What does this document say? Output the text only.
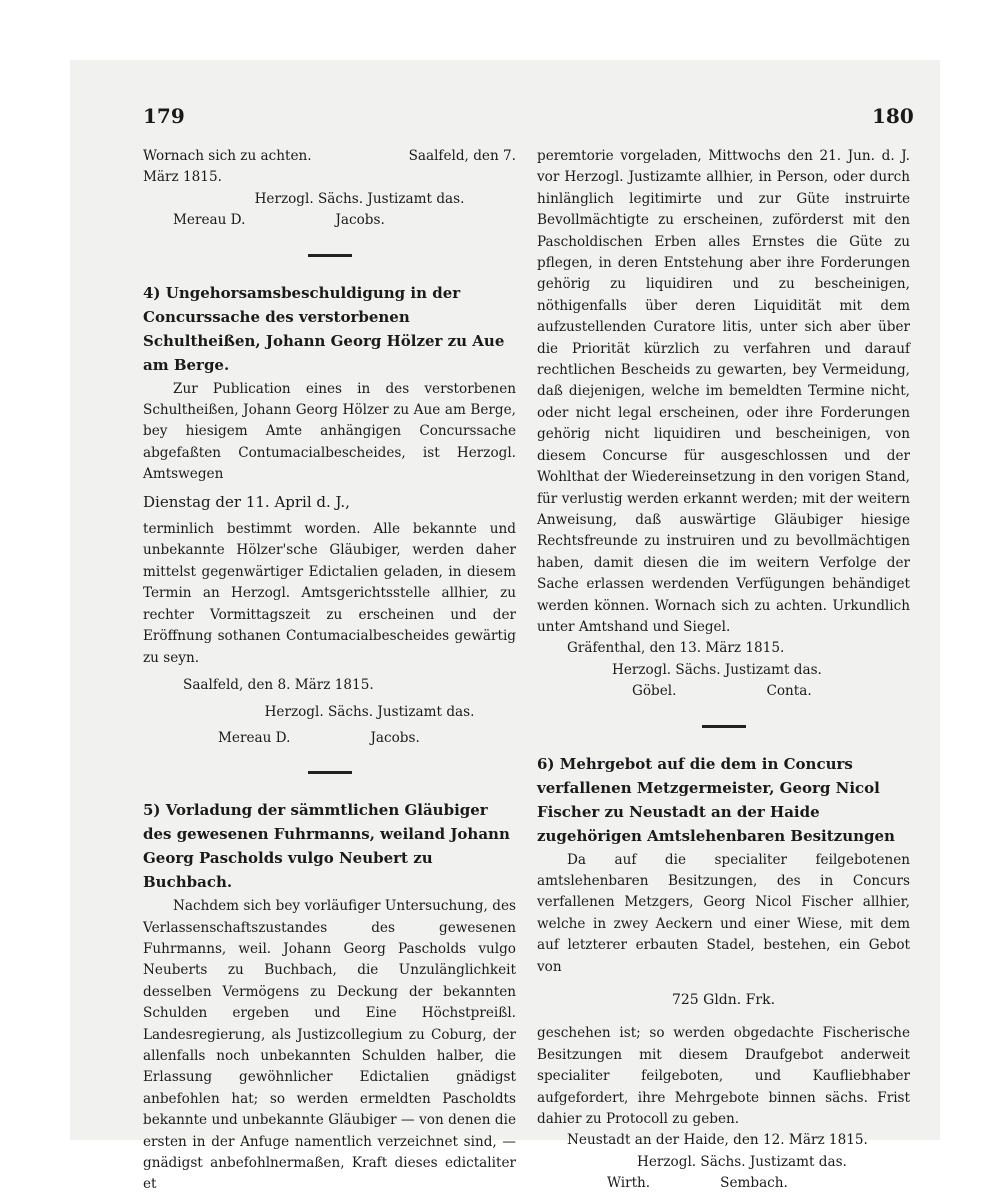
179	180
Wornach sich zu achten.	Saalfeld, den 7.

März 1815.

Herzogl. Sächs. Justizamt das.

Mereau D.	Jacobs.

4) Ungehorsamsbeschuldigung in der Concurssache des verstorbenen Schultheißen, Johann Georg Hölzer zu Aue am Berge.

Zur Publication eines in des verstorbenen Schultheißen, Johann Georg Hölzer zu Aue am Berge, bey hiesigem Amte anhängigen Concurssache abgefaßten Contumacialbescheides, ist Herzogl. Amtswegen

Dienstag der 11. April d. J.,

terminlich bestimmt worden. Alle bekannte und unbekannte Hölzer'sche Gläubiger, werden daher mittelst gegenwärtiger Edictalien geladen, in diesem Termin an Herzogl. Amtsgerichtsstelle allhier, zu rechter Vormittagszeit zu erscheinen und der Eröffnung sothanen Contumacialbescheides gewärtig zu seyn.

Saalfeld, den 8. März 1815.

Herzogl. Sächs. Justizamt das.

Mereau D.	Jacobs.

5) Vorladung der sämmtlichen Gläubiger des gewesenen Fuhrmanns, weiland Johann Georg Pascholds vulgo Neubert zu Buchbach.

Nachdem sich bey vorläufiger Untersuchung, des Verlassenschaftszustandes des gewesenen Fuhrmanns, weil. Johann Georg Pascholds vulgo Neuberts zu Buchbach, die Unzulänglichkeit desselben Vermögens zu Deckung der bekannten Schulden ergeben und Eine Höchstpreißl. Landesregierung, als Justizcollegium zu Coburg, der allenfalls noch unbekannten Schulden halber, die Erlassung gewöhnlicher Edictalien gnädigst anbefohlen hat; so werden ermeldten Pascholdts bekannte und unbekannte Gläubiger — von denen die ersten in der Anfuge namentlich verzeichnet sind, — gnädigst anbefohlnermaßen, Kraft dieses edictaliter et

peremtorie vorgeladen, Mittwochs den 21. Jun. d. J. vor Herzogl. Justizamte allhier, in Person, oder durch hinlänglich legitimirte und zur Güte instruirte Bevollmächtigte zu erscheinen, zuförderst mit den Pascholdischen Erben alles Ernstes die Güte zu pflegen, in deren Entstehung aber ihre Forderungen gehörig zu liquidiren und zu bescheinigen, nöthigenfalls über deren Liquidität mit dem aufzustellenden Curatore litis, unter sich aber über die Priorität kürzlich zu verfahren und darauf rechtlichen Bescheids zu gewarten, bey Vermeidung, daß diejenigen, welche im bemeldten Termine nicht, oder nicht legal erscheinen, oder ihre Forderungen gehörig nicht liquidiren und bescheinigen, von diesem Concurse für ausgeschlossen und der Wohlthat der Wiedereinsetzung in den vorigen Stand, für verlustig werden erkannt werden; mit der weitern Anweisung, daß auswärtige Gläubiger hiesige Rechtsfreunde zu instruiren und zu bevollmächtigen haben, damit diesen die im weitern Verfolge der Sache erlassen werdenden Verfügungen behändiget werden können. Wornach sich zu achten. Urkundlich unter Amtshand und Siegel.

Gräfenthal, den 13. März 1815.

Herzogl. Sächs. Justizamt das.

Göbel.	Conta.

6) Mehrgebot auf die dem in Concurs verfallenen Metzgermeister, Georg Nicol Fischer zu Neustadt an der Haide zugehörigen Amtslehenbaren Besitzungen

Da auf die specialiter feilgebotenen amtslehenbaren Besitzungen, des in Concurs verfallenen Metzgers, Georg Nicol Fischer allhier, welche in zwey Aeckern und einer Wiese, mit dem auf letzterer erbauten Stadel, bestehen, ein Gebot von

725 Gldn. Frk.

geschehen ist; so werden obgedachte Fischerische Besitzungen mit diesem Draufgebot anderweit specialiter feilgeboten, und Kaufliebhaber aufgefordert, ihre Mehrgebote binnen sächs. Frist dahier zu Protocoll zu geben.

Neustadt an der Haide, den 12. März 1815.

Herzogl. Sächs. Justizamt das.

Wirth.	Sembach.
